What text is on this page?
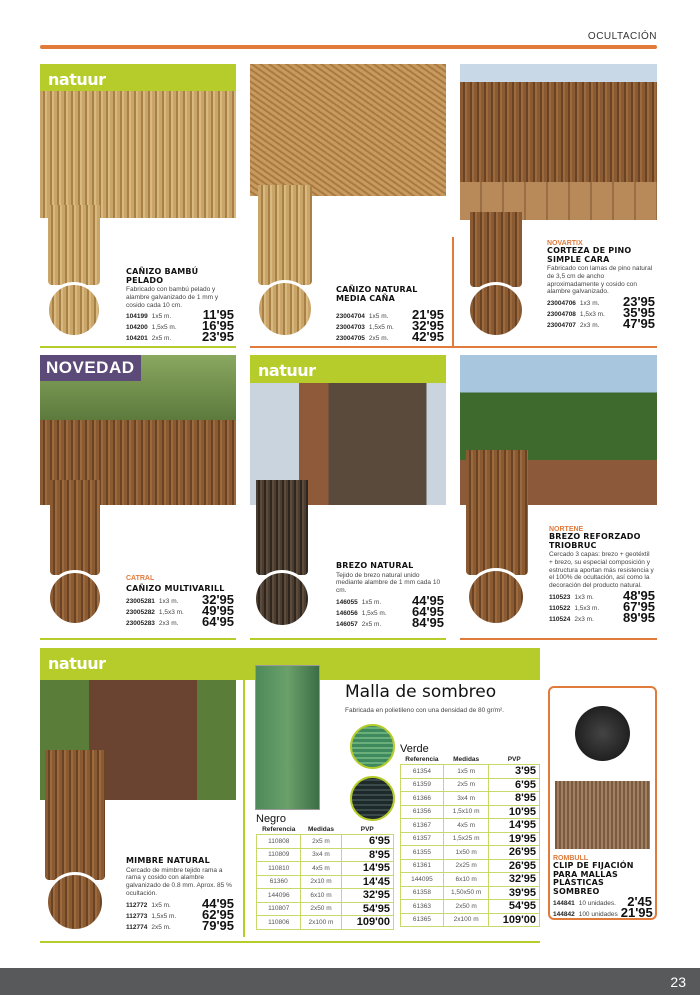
OCULTACIÓN
natuur
NOVEDAD	natuur
natuur
CAÑIZO BAMBÚ PELADO
Fabricado con bambú pelado y alambre galvanizado de 1 mm y cosido cada 10 cm.
104199 1x5 m. 11'95
104200 1,5x5 m. 16'95
104201 2x5 m. 23'95
CAÑIZO NATURAL MEDIA CAÑA
23004704 1x5 m. 21'95
23004703 1,5x5 m. 32'95
23004705 2x5 m. 42'95
NOVARTIX
CORTEZA DE PINO SIMPLE CARA
Fabricado con lamas de pino natural de 3,5 cm de ancho aproximadamente y cosido con alambre galvanizado.
23004706 1x3 m. 23'95
23004708 1,5x3 m. 35'95
23004707 2x3 m. 47'95
CATRAL
CAÑIZO MULTIVARILL
23005281 1x3 m. 32'95
23005282 1,5x3 m. 49'95
23005283 2x3 m. 64'95
BREZO NATURAL
Tejido de brezo natural unido mediante alambre de 1 mm cada 10 cm.
146055 1x5 m. 44'95
146056 1,5x5 m. 64'95
146057 2x5 m. 84'95
NORTENE
BREZO REFORZADO TRIOBRUC
Cercado 3 capas: brezo + geotéxtil + brezo, su especial composición y estructura aportan más resistencia y el 100% de ocultación, así como la decoración del producto natural.
110523 1x3 m. 48'95
110522 1,5x3 m. 67'95
110524 2x3 m. 89'95
MIMBRE NATURAL
Cercado de mimbre tejido rama a rama y cosido con alambre galvanizado de 0.8 mm. Aprox. 85 % ocultación.
112772 1x5 m. 44'95
112773 1,5x5 m. 62'95
112774 2x5 m. 79'95
Malla de sombreo
Fabricada en polietileno con una densidad de 80 gr/m².
Verde
Referencia	Medidas	PVP
61354	1x5 m	3'95
61359	2x5 m	6'95
61366	3x4 m	8'95
61356	1,5x10 m	10'95
61367	4x5 m	14'95
61357	1,5x25 m	19'95
61355	1x50 m	26'95
61361	2x25 m	26'95
144095	6x10 m	32'95
61358	1,50x50 m	39'95
61363	2x50 m	54'95
61365	2x100 m	109'00
Negro
Referencia	Medidas	PVP
110808	2x5 m	6'95
110809	3x4 m	8'95
110810	4x5 m	14'95
61360	2x10 m	14'45
144096	6x10 m	32'95
110807	2x50 m	54'95
110806	2x100 m	109'00
ROMBULL
CLIP DE FIJACIÓN PARA MALLAS PLÁSTICAS SOMBREO
144841 10 unidades. 2'45
144842 100 unidades 21'95
23
